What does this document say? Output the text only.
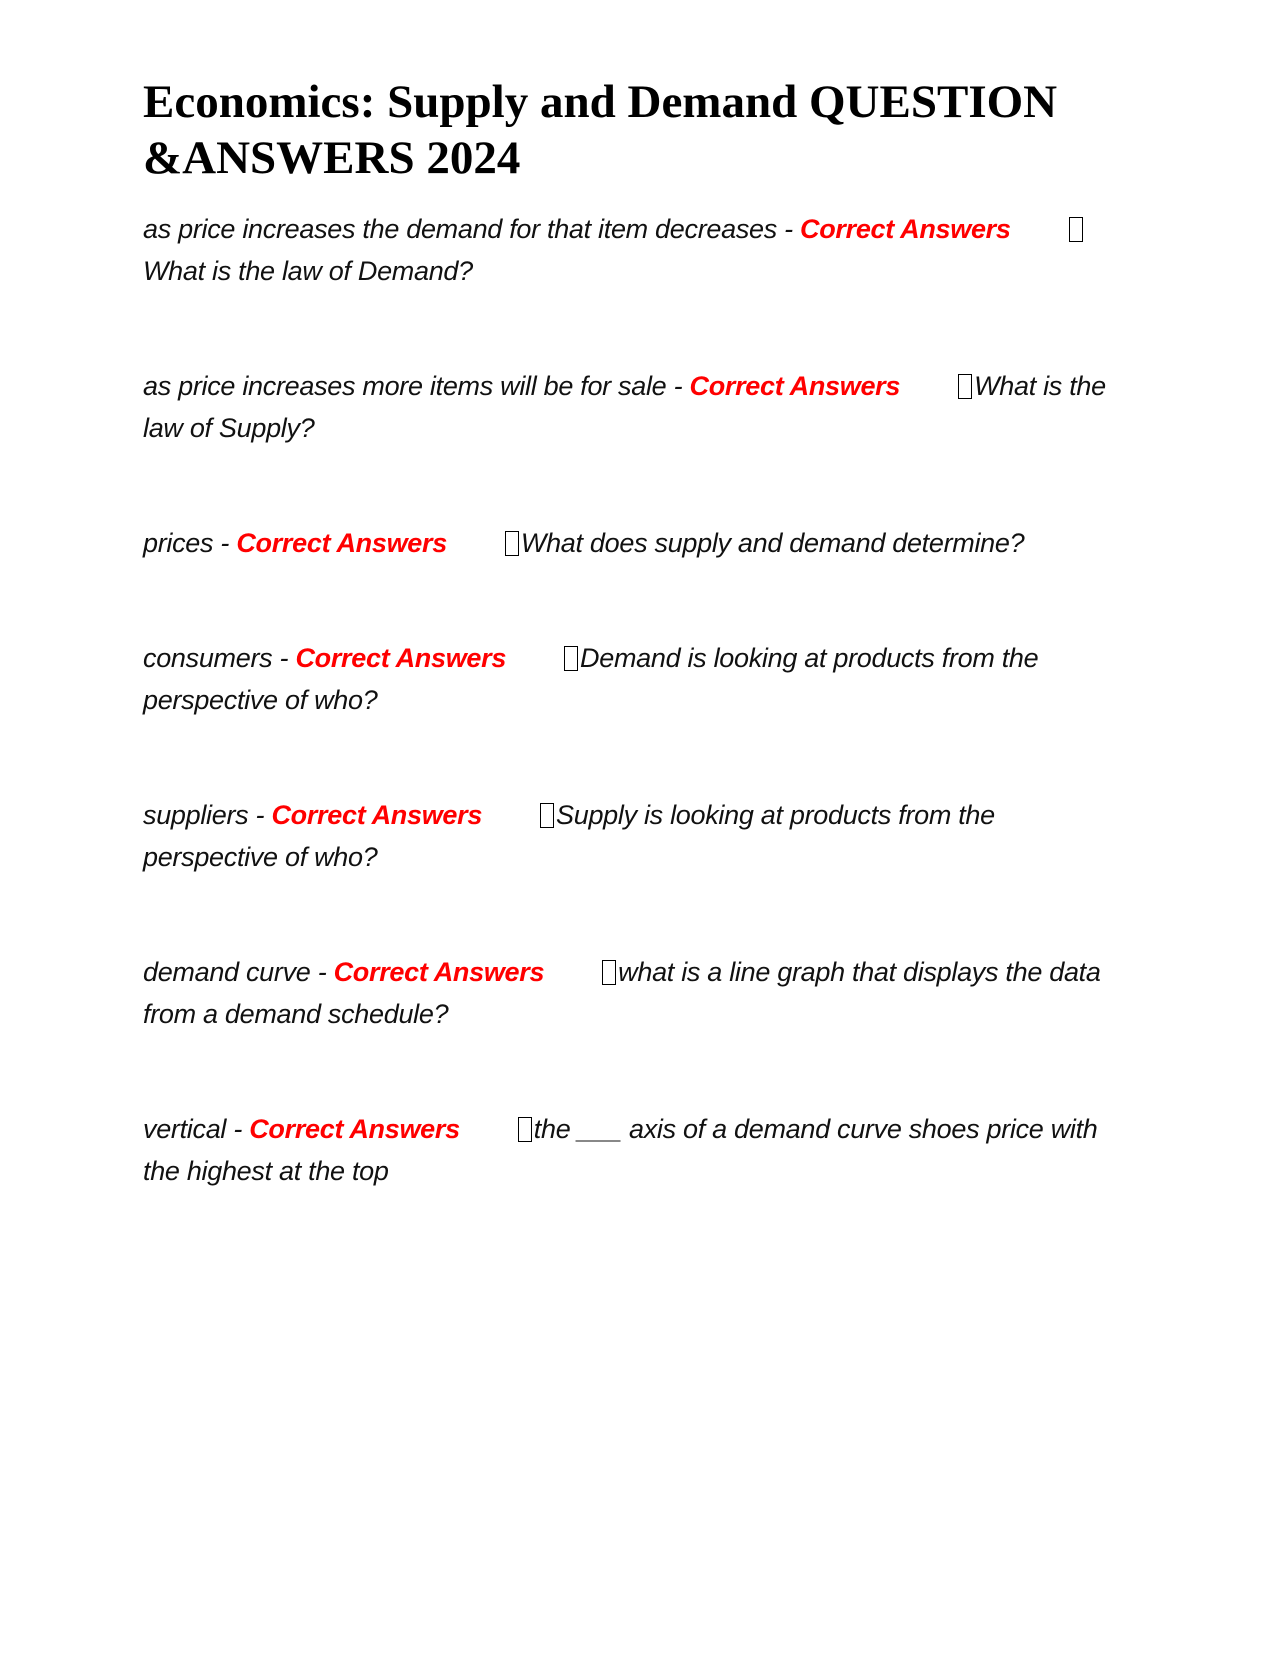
Economics: Supply and Demand QUESTION &ANSWERS 2024

as price increases the demand for that item decreases - Correct AnswersWhat is the law of Demand?

as price increases more items will be for sale - Correct Answers	What is the law of Supply?

prices - Correct Answers	What does supply and demand determine?

consumers - Correct Answers	Demand is looking at products from the perspective of who?

suppliers - Correct Answers	Supply is looking at products from the perspective of who?

demand curve - Correct Answers	what is a line graph that displays the data from a demand schedule?

vertical - Correct Answers	the ___ axis of a demand curve shoes price with the highest at the top
